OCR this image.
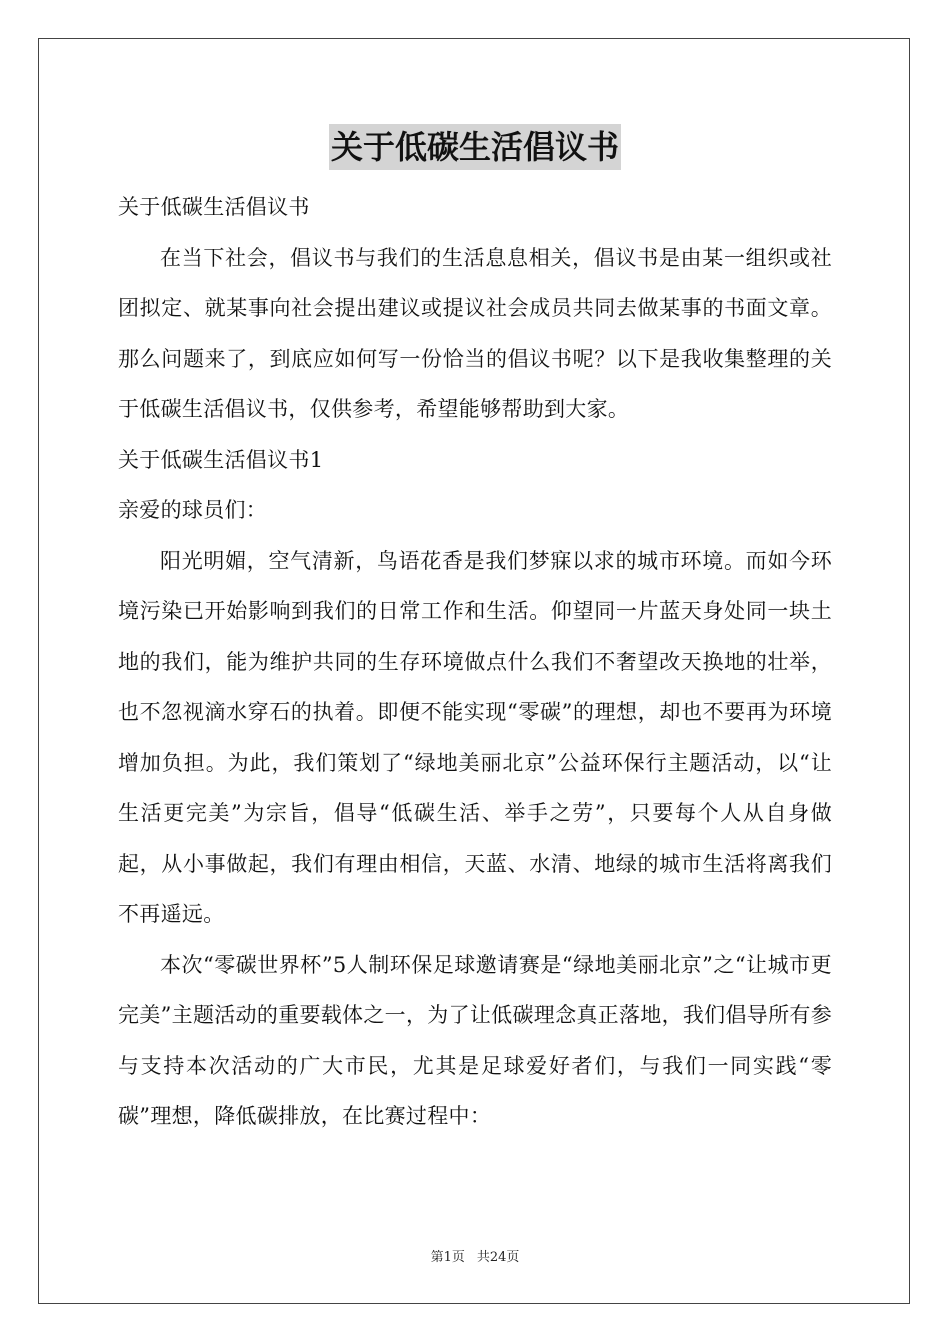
关于低碳生活倡议书

关于低碳生活倡议书

在当下社会，倡议书与我们的生活息息相关，倡议书是由某一组织或社团拟定、就某事向社会提出建议或提议社会成员共同去做某事的书面文章。那么问题来了，到底应如何写一份恰当的倡议书呢？以下是我收集整理的关于低碳生活倡议书，仅供参考，希望能够帮助到大家。

关于低碳生活倡议书1

亲爱的球员们：

阳光明媚，空气清新，鸟语花香是我们梦寐以求的城市环境。而如今环境污染已开始影响到我们的日常工作和生活。仰望同一片蓝天身处同一块土地的我们，能为维护共同的生存环境做点什么我们不奢望改天换地的壮举，也不忽视滴水穿石的执着。即便不能实现“零碳”的理想，却也不要再为环境增加负担。为此，我们策划了“绿地美丽北京”公益环保行主题活动，以“让生活更完美”为宗旨，倡导“低碳生活、举手之劳”，只要每个人从自身做起，从小事做起，我们有理由相信，天蓝、水清、地绿的城市生活将离我们不再遥远。

本次“零碳世界杯”5人制环保足球邀请赛是“绿地美丽北京”之“让城市更完美”主题活动的重要载体之一，为了让低碳理念真正落地，我们倡导所有参与支持本次活动的广大市民，尤其是足球爱好者们，与我们一同实践“零碳”理想，降低碳排放，在比赛过程中：

第1页 共24页
